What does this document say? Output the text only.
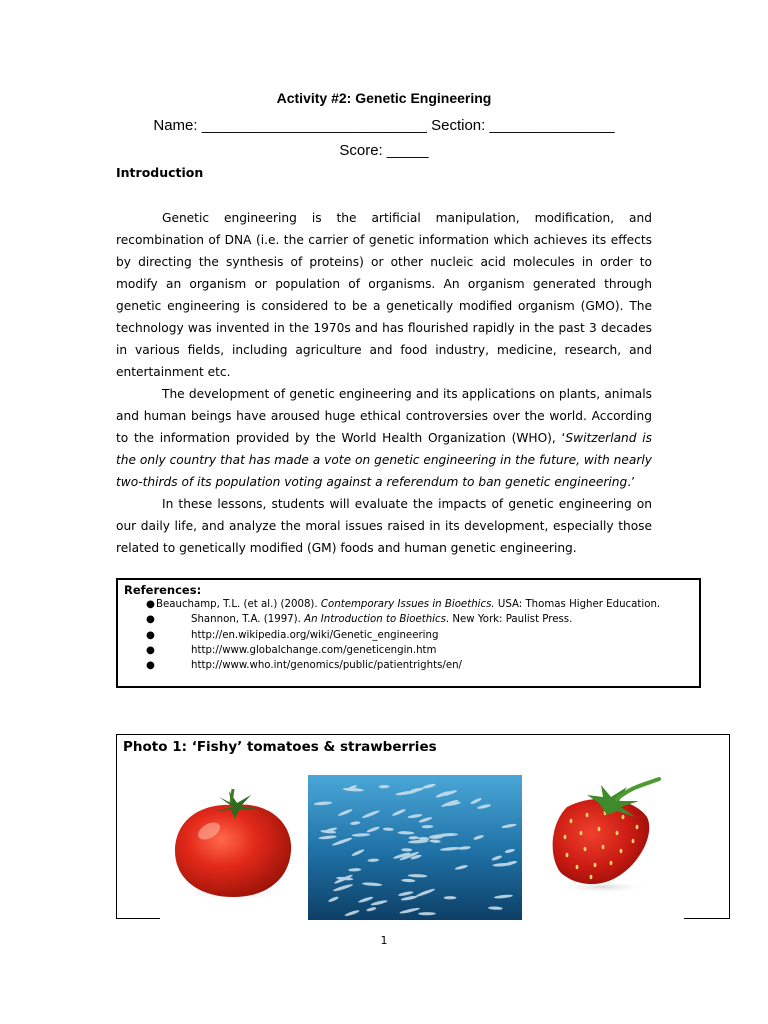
Activity #2: Genetic Engineering
Name: ___________________________ Section: _______________
Score: _____
Introduction

Genetic engineering is the artificial manipulation, modification, and recombination of DNA (i.e. the carrier of genetic information which achieves its effects by directing the synthesis of proteins) or other nucleic acid molecules in order to modify an organism or population of organisms. An organism generated through genetic engineering is considered to be a genetically modified organism (GMO). The technology was invented in the 1970s and has flourished rapidly in the past 3 decades in various fields, including agriculture and food industry, medicine, research, and entertainment etc.

The development of genetic engineering and its applications on plants, animals and human beings have aroused huge ethical controversies over the world. According to the information provided by the World Health Organization (WHO), ‘Switzerland is the only country that has made a vote on genetic engineering in the future, with nearly two-thirds of its population voting against a referendum to ban genetic engineering.’

In these lessons, students will evaluate the impacts of genetic engineering on our daily life, and analyze the moral issues raised in its development, especially those related to genetically modified (GM) foods and human genetic engineering.

References:
● Beauchamp, T.L. (et al.) (2008). Contemporary Issues in Bioethics. USA: Thomas Higher Education.
●	Shannon, T.A. (1997). An Introduction to Bioethics. New York: Paulist Press.
●	http://en.wikipedia.org/wiki/Genetic_engineering
●	http://www.globalchange.com/geneticengin.htm
●	http://www.who.int/genomics/public/patientrights/en/
Photo 1: ‘Fishy’ tomatoes & strawberries
1
